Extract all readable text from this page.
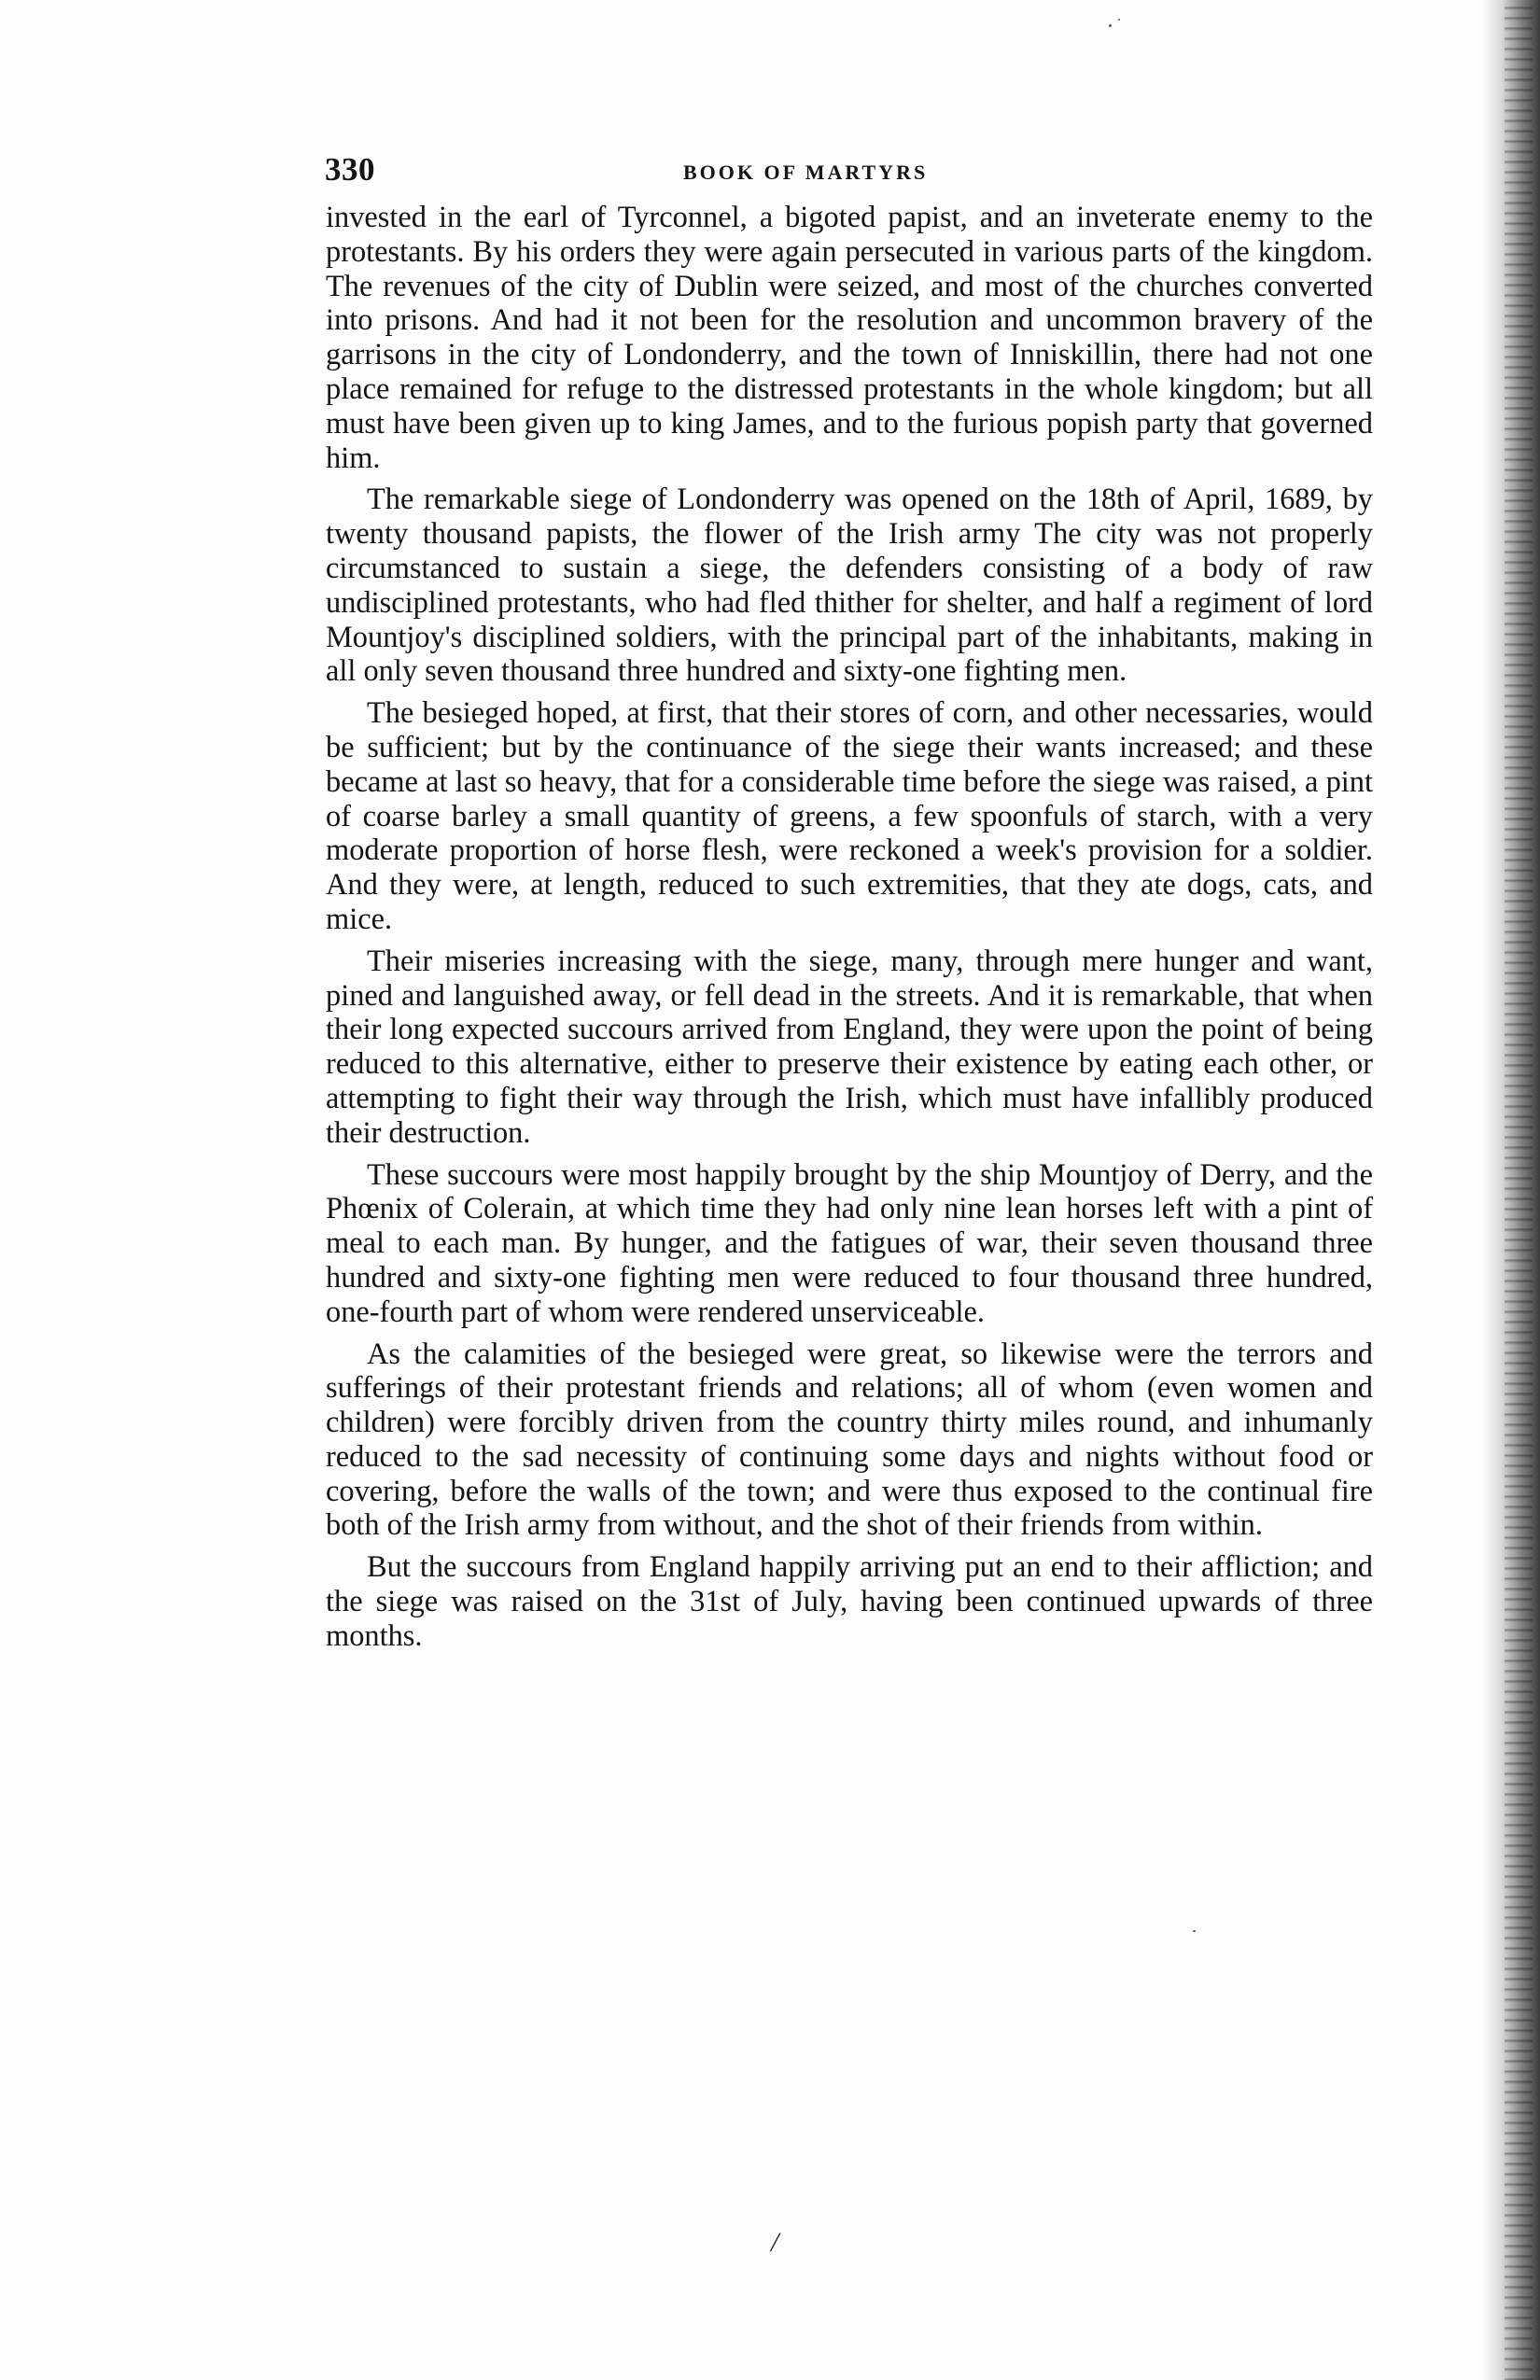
330	BOOK OF MARTYRS

invested in the earl of Tyrconnel, a bigoted papist, and an inveterate enemy to the protestants. By his orders they were again persecuted in various parts of the kingdom. The revenues of the city of Dublin were seized, and most of the churches converted into prisons. And had it not been for the resolution and uncommon bravery of the garrisons in the city of Londonderry, and the town of Inniskillin, there had not one place remained for refuge to the distressed protestants in the whole kingdom; but all must have been given up to king James, and to the furious popish party that governed him.

The remarkable siege of Londonderry was opened on the 18th of April, 1689, by twenty thousand papists, the flower of the Irish army The city was not properly circumstanced to sustain a siege, the defenders consisting of a body of raw undisciplined protestants, who had fled thither for shelter, and half a regiment of lord Mountjoy's disciplined soldiers, with the principal part of the inhabitants, making in all only seven thousand three hundred and sixty-one fighting men.

The besieged hoped, at first, that their stores of corn, and other necessaries, would be sufficient; but by the continuance of the siege their wants increased; and these became at last so heavy, that for a considerable time before the siege was raised, a pint of coarse barley a small quantity of greens, a few spoonfuls of starch, with a very moderate proportion of horse flesh, were reckoned a week's provision for a soldier. And they were, at length, reduced to such extremities, that they ate dogs, cats, and mice.

Their miseries increasing with the siege, many, through mere hunger and want, pined and languished away, or fell dead in the streets. And it is remarkable, that when their long expected succours arrived from England, they were upon the point of being reduced to this alternative, either to preserve their existence by eating each other, or attempting to fight their way through the Irish, which must have infallibly produced their destruction.

These succours were most happily brought by the ship Mountjoy of Derry, and the Phœnix of Colerain, at which time they had only nine lean horses left with a pint of meal to each man. By hunger, and the fatigues of war, their seven thousand three hundred and sixty-one fighting men were reduced to four thousand three hundred, one-fourth part of whom were rendered unserviceable.

As the calamities of the besieged were great, so likewise were the terrors and sufferings of their protestant friends and relations; all of whom (even women and children) were forcibly driven from the country thirty miles round, and inhumanly reduced to the sad necessity of continuing some days and nights without food or covering, before the walls of the town; and were thus exposed to the continual fire both of the Irish army from without, and the shot of their friends from within.

But the succours from England happily arriving put an end to their affliction; and the siege was raised on the 31st of July, having been continued upwards of three months.

/
